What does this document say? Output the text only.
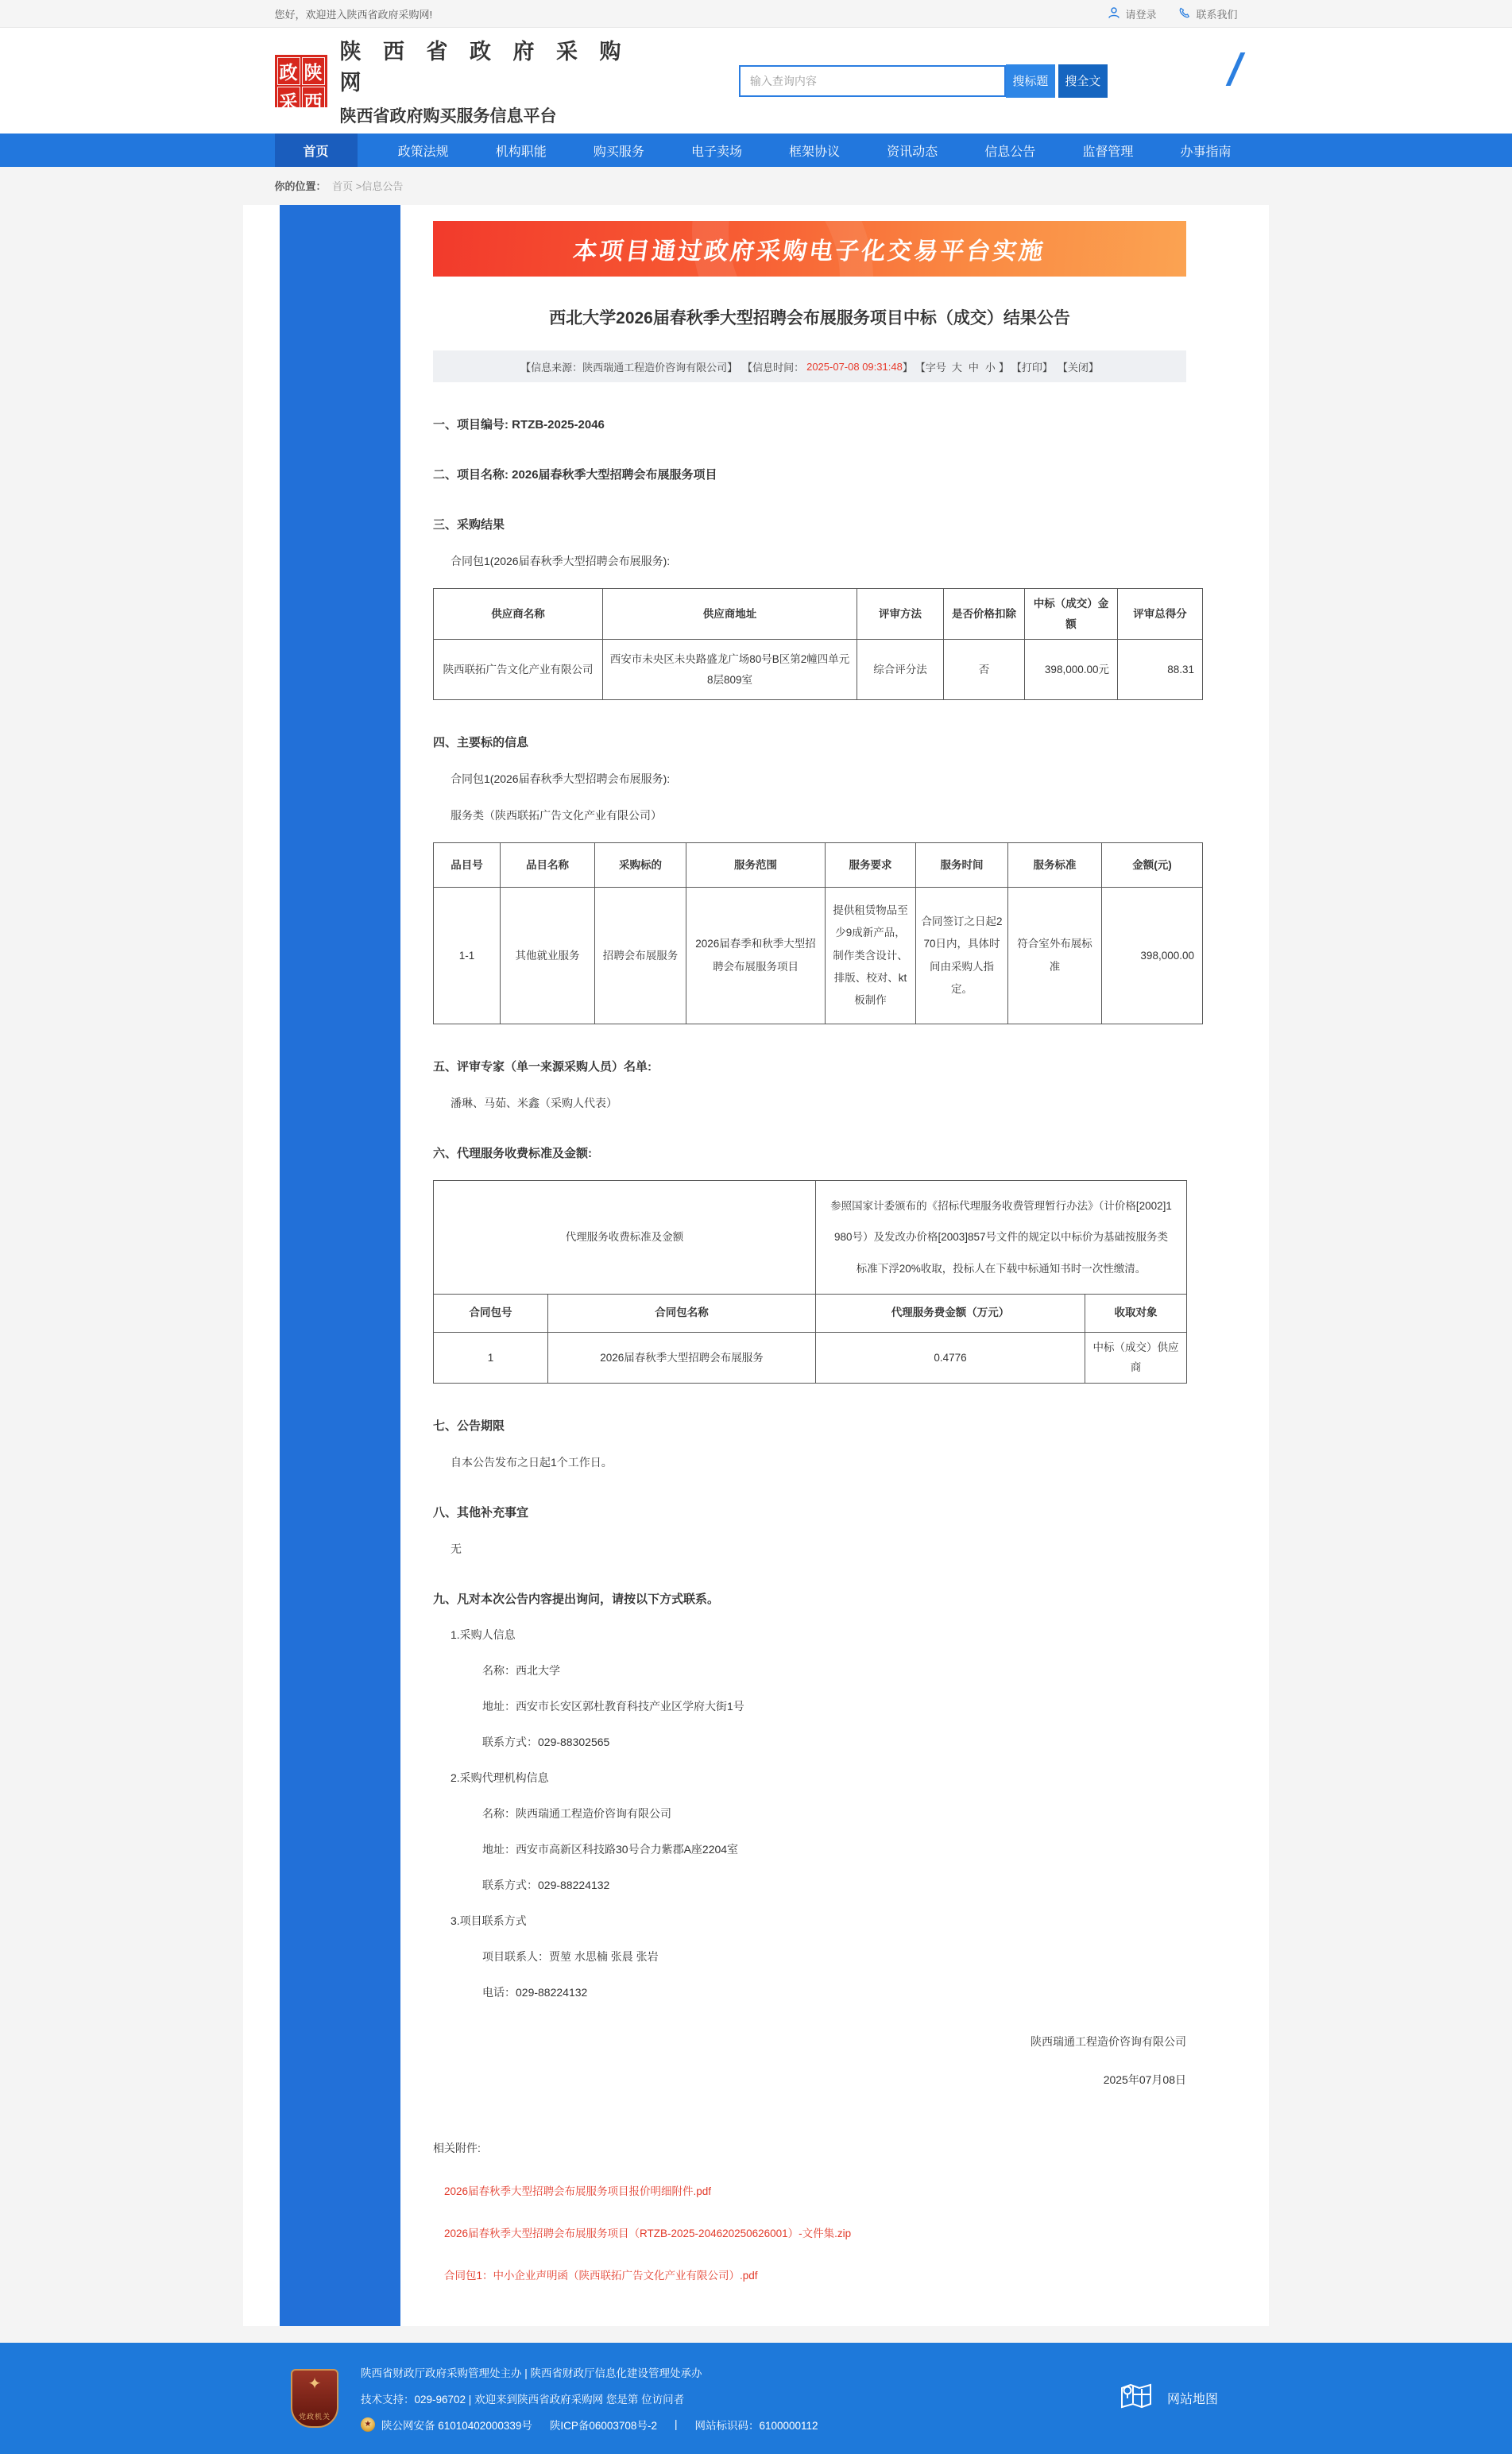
您好，欢迎进入陕西省政府采购网!	请登录	联系我们
政 陕
采 西
陕 西 省 政 府 采 购 网
陕西省政府购买服务信息平台
输入查询内容
搜标题	搜全文
首页	政策法规	机构职能	购买服务	电子卖场	框架协议	资讯动态	信息公告	监督管理	办事指南
你的位置： 首页 >信息公告
本项目通过政府采购电子化交易平台实施
西北大学2026届春秋季大型招聘会布展服务项目中标（成交）结果公告
【信息来源：陕西瑞通工程造价咨询有限公司】 【信息时间： 2025-07-08 09:31:48 】 【字号 大 中 小 】 【打印】 【关闭】
一、项目编号: RTZB-2025-2046
二、项目名称: 2026届春秋季大型招聘会布展服务项目
三、采购结果

合同包1(2026届春秋季大型招聘会布展服务):

供应商名称	供应商地址	评审方法	是否价格扣除	中标（成交）金额	评审总得分
陕西联拓广告文化产业有限公司	西安市未央区未央路盛龙广场80号B区第2幢四单元8层809室	综合评分法	否	398,000.00元	88.31
四、主要标的信息

合同包1(2026届春秋季大型招聘会布展服务):

服务类（陕西联拓广告文化产业有限公司）

品目号	品目名称	采购标的	服务范围	服务要求	服务时间	服务标准	金额(元)
1-1	其他就业服务	招聘会布展服务	2026届春季和秋季大型招聘会布展服务项目	提供租赁物品至少9成新产品，制作类含设计、排版、校对、kt板制作	合同签订之日起270日内，具体时间由采购人指定。	符合室外布展标准	398,000.00
五、评审专家（单一来源采购人员）名单:

潘琳、马茹、米鑫（采购人代表）

六、代理服务收费标准及金额:
代理服务收费标准及金额		参照国家计委颁布的《招标代理服务收费管理暂行办法》（计价格[2002]1980号）及发改办价格[2003]857号文件的规定以中标价为基础按服务类标准下浮20%收取，投标人在下载中标通知书时一次性缴清。	
合同包号	合同包名称	代理服务费金额（万元）	收取对象
1	2026届春秋季大型招聘会布展服务	0.4776	中标（成交）供应商
七、公告期限

自本公告发布之日起1个工作日。

八、其他补充事宜

无

九、凡对本次公告内容提出询问，请按以下方式联系。

1.采购人信息

名称：西北大学

地址：西安市长安区郭杜教育科技产业区学府大街1号

联系方式：029-88302565

2.采购代理机构信息

名称：陕西瑞通工程造价咨询有限公司

地址：西安市高新区科技路30号合力紫郡A座2204室

联系方式：029-88224132

3.项目联系方式

项目联系人：贾堃 水思楠 张晨 张岩

电话：029-88224132

陕西瑞通工程造价咨询有限公司

2025年07月08日

相关附件:

2026届春秋季大型招聘会布展服务项目报价明细附件.pdf
2026届春秋季大型招聘会布展服务项目（RTZB-2025-204620250626001）-文件集.zip
合同包1：中小企业声明函（陕西联拓广告文化产业有限公司）.pdf
✦
党政机关

陕西省财政厅政府采购管理处主办 | 陕西省财政厅信息化建设管理处承办

技术支持：029-96702 | 欢迎来到陕西省政府采购网 您是第 位访问者

★ 陕公网安备 61010402000339号 陕ICP备06003708号-2 | 网站标识码：6100000112

网站地图
